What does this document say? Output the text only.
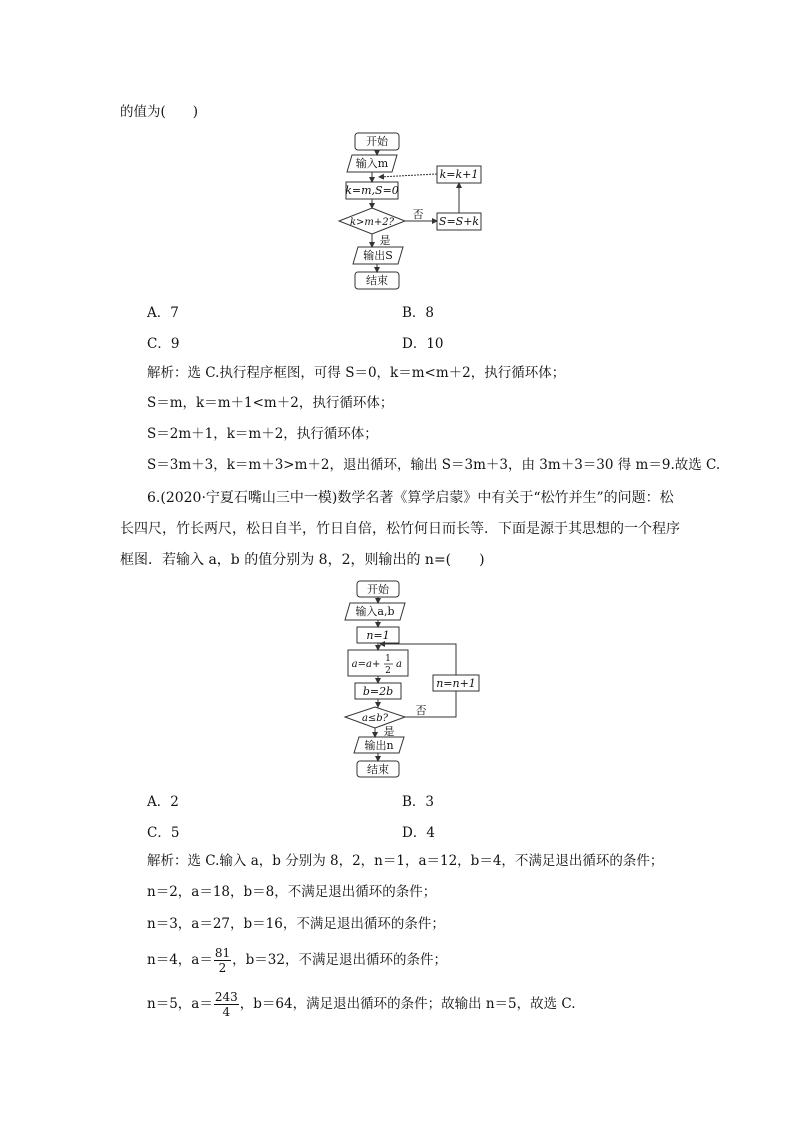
的值为(　　)
开始
输入m
k=m,S=0
k>m+2?
否
S=S+k
k=k+1
是
输出S
结束
A．7	B．8
C．9	D．10
解析：选 C.执行程序框图，可得 S＝0，k＝m<m＋2，执行循环体；
S＝m，k＝m＋1<m＋2，执行循环体；
S＝2m＋1，k＝m＋2，执行循环体；
S＝3m＋3，k＝m＋3>m＋2，退出循环，输出 S＝3m＋3，由 3m＋3＝30 得 m＝9.故选 C.
6.(2020·宁夏石嘴山三中一模)数学名著《算学启蒙》中有关于“松竹并生”的问题：松
长四尺，竹长两尺，松日自半，竹日自倍，松竹何日而长等．下面是源于其思想的一个程序
框图．若输入 a，b 的值分别为 8，2，则输出的 n=(　　)
开始
输入a,b
n=1
a=a+ 1
2
a
b=2b
a≤b?
否
n=n+1
是
输出n
结束
A．2	B．3
C．5	D．4
解析：选 C.输入 a，b 分别为 8，2，n＝1，a＝12，b＝4，不满足退出循环的条件；
n＝2，a＝18，b＝8，不满足退出循环的条件；
n＝3，a＝27，b＝16，不满足退出循环的条件；
n＝4，$a= \frac{81}{2}$ ，b＝32，不满足退出循环的条件；
n＝5，$a= \frac{243}{4}$ ，b＝64，满足退出循环的条件；故输出 n＝5，故选 C.
